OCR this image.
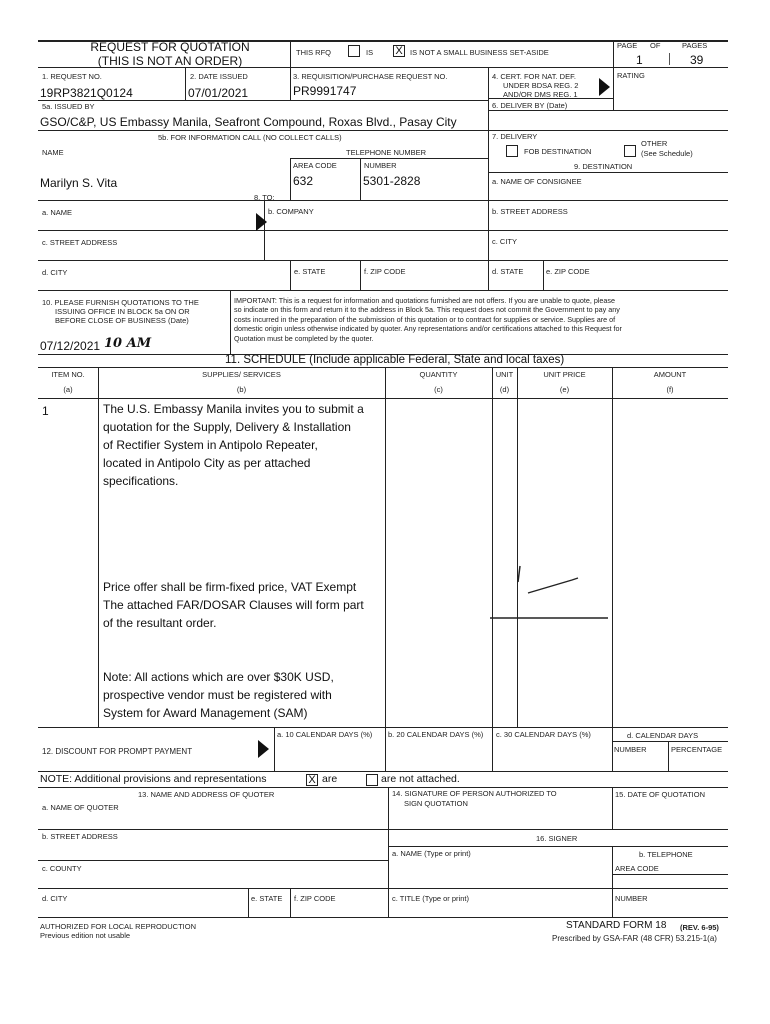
REQUEST FOR QUOTATION
(THIS IS NOT AN ORDER)
THIS RFQ	IS X IS NOT A SMALL BUSINESS SET-ASIDE
PAGE OF	PAGES
1	39
1. REQUEST NO.
19RP3821Q0124
2. DATE ISSUED
07/01/2021
3. REQUISITION/PURCHASE REQUEST NO.
PR9991747
4. CERT. FOR NAT. DEF.
UNDER BDSA REG. 2
AND/OR DMS REG. 1
RATING
6. DELIVER BY (Date)
5a. ISSUED BY
GSO/C&P, US Embassy Manila, Seafront Compound, Roxas Blvd., Pasay City
5b. FOR INFORMATION CALL (NO COLLECT CALLS)
NAME	TELEPHONE NUMBER
AREA CODE	NUMBER
Marilyn S. Vita	632	5301-2828
7. DELIVERY
FOB DESTINATION
OTHER
(See Schedule)
9. DESTINATION
a. NAME OF CONSIGNEE
b. STREET ADDRESS
c. CITY
d. STATE	e. ZIP CODE
8. TO:
a. NAME	b. COMPANY
c. STREET ADDRESS
d. CITY	e. STATE	f. ZIP CODE
10. PLEASE FURNISH QUOTATIONS TO THE
ISSUING OFFICE IN BLOCK 5a ON OR
BEFORE CLOSE OF BUSINESS (Date)
07/12/2021 10 AM
IMPORTANT: This is a request for information and quotations furnished are not offers. If you are unable to quote, please
so indicate on this form and return it to the address in Block 5a. This request does not commit the Government to pay any
costs incurred in the preparation of the submission of this quotation or to contract for supplies or service. Supplies are of
domestic origin unless otherwise indicated by quoter. Any representations and/or certifications attached to this Request for
Quotation must be completed by the quoter.
11. SCHEDULE (Include applicable Federal, State and local taxes)
ITEM NO.	SUPPLIES/ SERVICES	QUANTITY	UNIT	UNIT PRICE	AMOUNT
(a)	(b)	(c)	(d)	(e)	(f)
1	The U.S. Embassy Manila invites you to submit a
quotation for the Supply, Delivery & Installation
of Rectifier System in Antipolo Repeater,
located in Antipolo City as per attached
specifications.
Price offer shall be firm-fixed price, VAT Exempt
The attached FAR/DOSAR Clauses will form part
of the resultant order.
Note: All actions which are over $30K USD,
prospective vendor must be registered with
System for Award Management (SAM)
a. 10 CALENDAR DAYS (%) b. 20 CALENDAR DAYS (%) c. 30 CALENDAR DAYS (%)	d. CALENDAR DAYS
NUMBER	PERCENTAGE
12. DISCOUNT FOR PROMPT PAYMENT
NOTE: Additional provisions and representations	X are	are not attached.
13. NAME AND ADDRESS OF QUOTER
a. NAME OF QUOTER
b. STREET ADDRESS
c. COUNTY
d. CITY	e. STATE f. ZIP CODE
14. SIGNATURE OF PERSON AUTHORIZED TO
SIGN QUOTATION
15. DATE OF QUOTATION
16. SIGNER
a. NAME (Type or print)	b. TELEPHONE
AREA CODE
c. TITLE (Type or print)	NUMBER
AUTHORIZED FOR LOCAL REPRODUCTION
Previous edition not usable
STANDARD FORM 18 (REV. 6-95)
Prescribed by GSA-FAR (48 CFR) 53.215-1(a)
